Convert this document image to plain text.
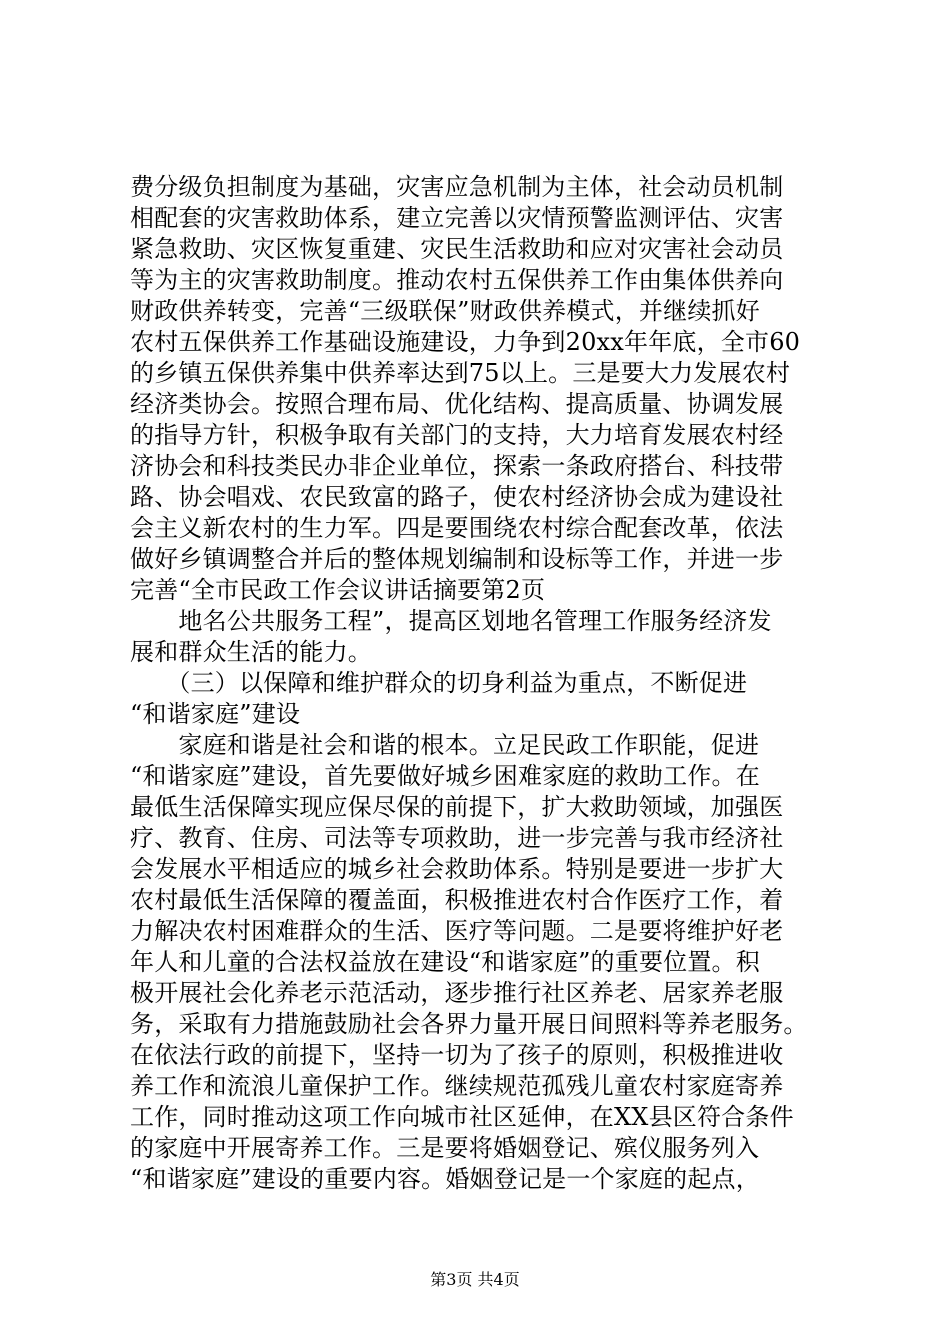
费分级负担制度为基础，灾害应急机制为主体，社会动员机制
相配套的灾害救助体系，建立完善以灾情预警监测评估、灾害
紧急救助、灾区恢复重建、灾民生活救助和应对灾害社会动员
等为主的灾害救助制度。推动农村五保供养工作由集体供养向
财政供养转变，完善“三级联保”财政供养模式，并继续抓好
农村五保供养工作基础设施建设，力争到20xx年年底，全市60
的乡镇五保供养集中供养率达到75以上。三是要大力发展农村
经济类协会。按照合理布局、优化结构、提高质量、协调发展
的指导方针，积极争取有关部门的支持，大力培育发展农村经
济协会和科技类民办非企业单位，探索一条政府搭台、科技带
路、协会唱戏、农民致富的路子，使农村经济协会成为建设社
会主义新农村的生力军。四是要围绕农村综合配套改革，依法
做好乡镇调整合并后的整体规划编制和设标等工作，并进一步
完善“全市民政工作会议讲话摘要第2页
　　地名公共服务工程”，提高区划地名管理工作服务经济发
展和群众生活的能力。
　　（三）以保障和维护群众的切身利益为重点，不断促进
“和谐家庭”建设
　　家庭和谐是社会和谐的根本。立足民政工作职能，促进
“和谐家庭”建设，首先要做好城乡困难家庭的救助工作。在
最低生活保障实现应保尽保的前提下，扩大救助领域，加强医
疗、教育、住房、司法等专项救助，进一步完善与我市经济社
会发展水平相适应的城乡社会救助体系。特别是要进一步扩大
农村最低生活保障的覆盖面，积极推进农村合作医疗工作，着
力解决农村困难群众的生活、医疗等问题。二是要将维护好老
年人和儿童的合法权益放在建设“和谐家庭”的重要位置。积
极开展社会化养老示范活动，逐步推行社区养老、居家养老服
务，采取有力措施鼓励社会各界力量开展日间照料等养老服务。
在依法行政的前提下，坚持一切为了孩子的原则，积极推进收
养工作和流浪儿童保护工作。继续规范孤残儿童农村家庭寄养
工作，同时推动这项工作向城市社区延伸，在XX县区符合条件
的家庭中开展寄养工作。三是要将婚姻登记、殡仪服务列入
“和谐家庭”建设的重要内容。婚姻登记是一个家庭的起点，
第3页 共4页
